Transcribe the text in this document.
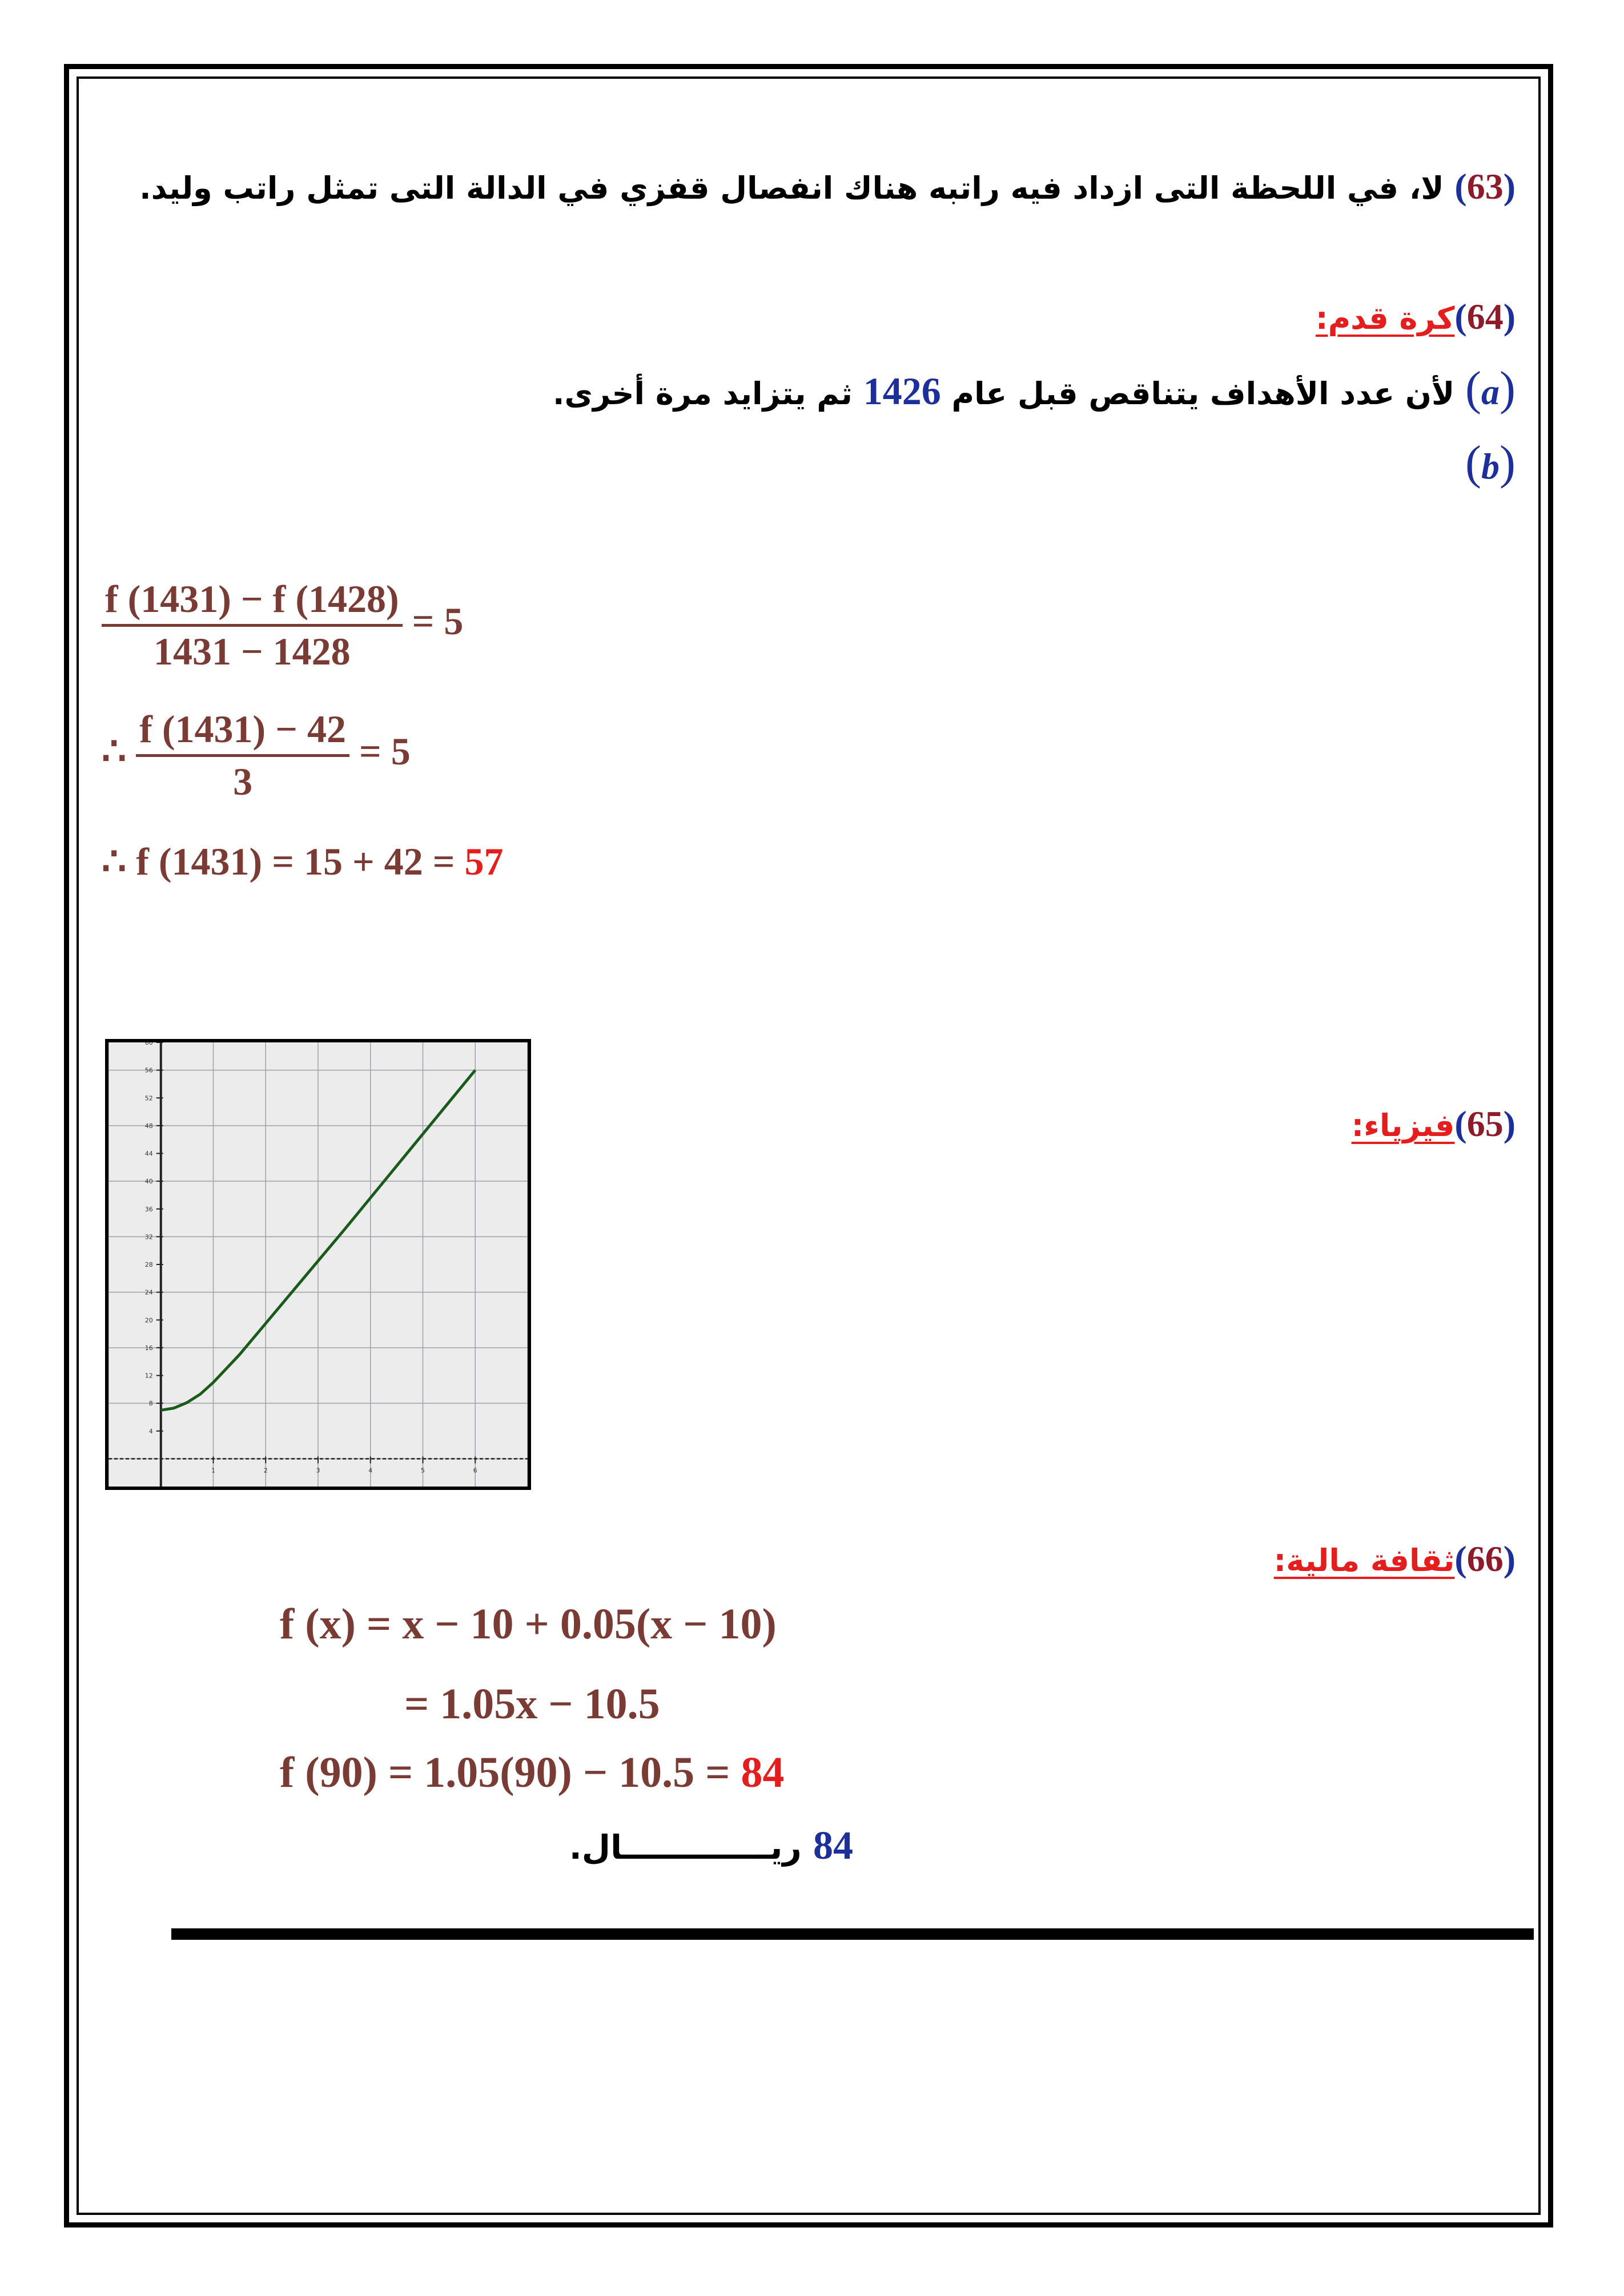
(63) لا، في اللحظة التى ازداد فيه راتبه هناك انفصال قفزي في الدالة التى تمثل راتب وليد.
(64)كرة قدم:
(a) لأن عدد الأهداف يتناقص قبل عام 1426 ثم يتزايد مرة أخرى.
(b)
$\frac{f (1431) - f (1428)}{1431 - 1428} = 5$
∴ $\frac{f (1431) - 42}{3} = 5$
∴ f (1431) = 15 + 42 = 57
(65)فيزياء:
4
8
12
16
20
24
28
32
36
40
44
48
52
56
60
1	2	3	4	5	6
(66)ثقافة مالية:
f (x) = x − 10 + 0.05(x − 10)
= 1.05x − 10.5
f (90) = 1.05(90) − 10.5 = 84
84 ريـــــــــــــال.
